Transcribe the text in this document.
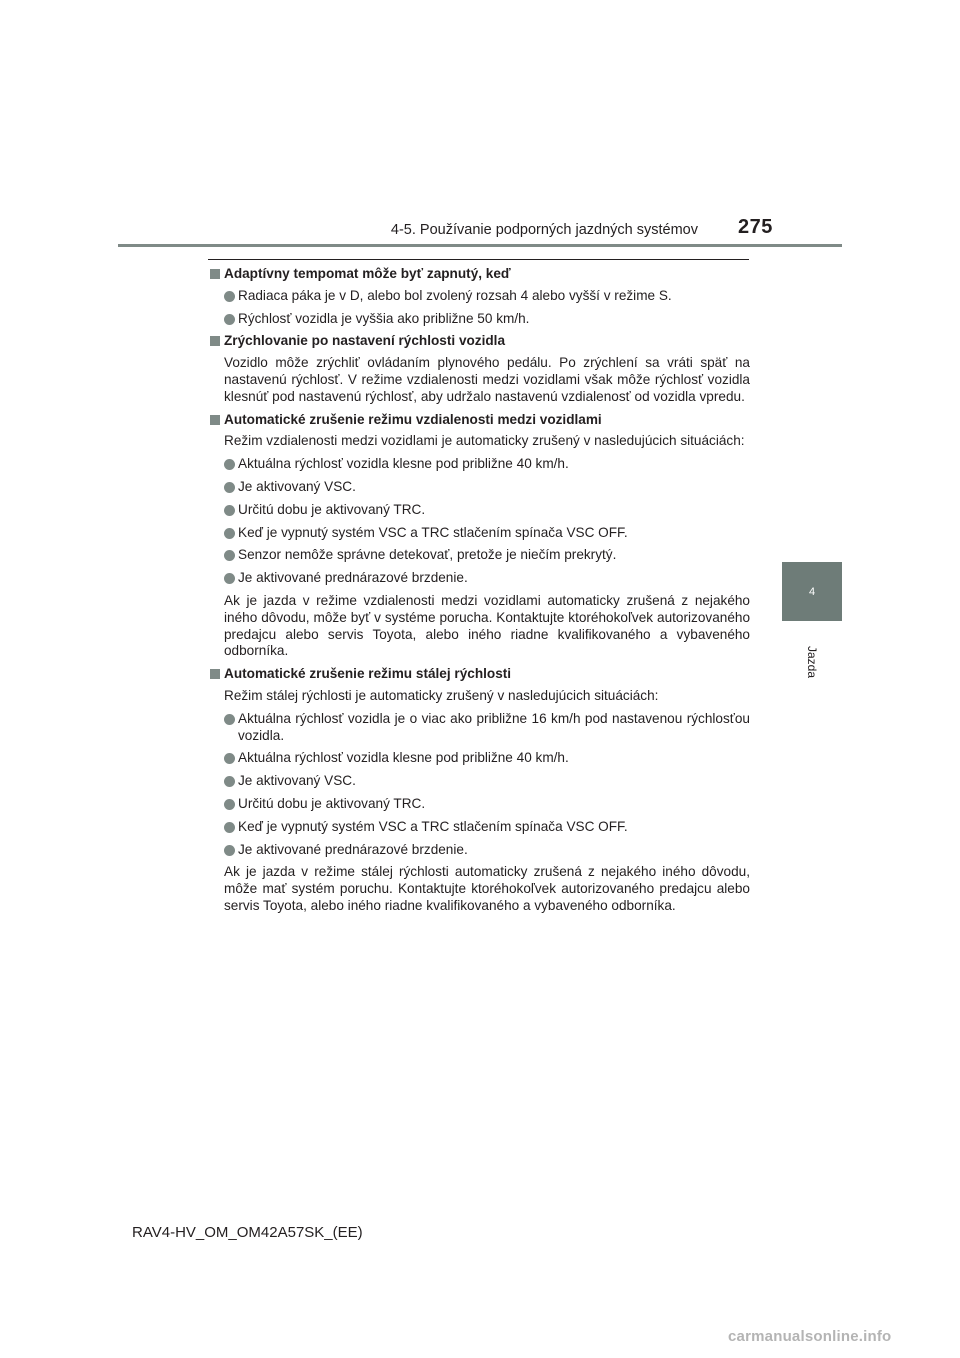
4-5. Používanie podporných jazdných systémov 275
4
Jazda
Adaptívny tempomat môže byť zapnutý, keď
Radiaca páka je v D, alebo bol zvolený rozsah 4 alebo vyšší v režime S.
Rýchlosť vozidla je vyššia ako približne 50 km/h.
Zrýchlovanie po nastavení rýchlosti vozidla
Vozidlo môže zrýchliť ovládaním plynového pedálu. Po zrýchlení sa vráti späť na nastavenú rýchlosť. V režime vzdialenosti medzi vozidlami však môže rýchlosť vozidla klesnúť pod nastavenú rýchlosť, aby udržalo nastavenú vzdialenosť od vozidla vpredu.
Automatické zrušenie režimu vzdialenosti medzi vozidlami
Režim vzdialenosti medzi vozidlami je automaticky zrušený v nasledujúcich situáciách:
Aktuálna rýchlosť vozidla klesne pod približne 40 km/h.
Je aktivovaný VSC.
Určitú dobu je aktivovaný TRC.
Keď je vypnutý systém VSC a TRC stlačením spínača VSC OFF.
Senzor nemôže správne detekovať, pretože je niečím prekrytý.
Je aktivované prednárazové brzdenie.
Ak je jazda v režime vzdialenosti medzi vozidlami automaticky zrušená z nejakého iného dôvodu, môže byť v systéme porucha. Kontaktujte ktoréhokoľvek autorizovaného predajcu alebo servis Toyota, alebo iného riadne kvalifikovaného a vybaveného odborníka.
Automatické zrušenie režimu stálej rýchlosti
Režim stálej rýchlosti je automaticky zrušený v nasledujúcich situáciách:
Aktuálna rýchlosť vozidla je o viac ako približne 16 km/h pod nastavenou rýchlosťou vozidla.
Aktuálna rýchlosť vozidla klesne pod približne 40 km/h.
Je aktivovaný VSC.
Určitú dobu je aktivovaný TRC.
Keď je vypnutý systém VSC a TRC stlačením spínača VSC OFF.
Je aktivované prednárazové brzdenie.
Ak je jazda v režime stálej rýchlosti automaticky zrušená z nejakého iného dôvodu, môže mať systém poruchu. Kontaktujte ktoréhokoľvek autorizovaného predajcu alebo servis Toyota, alebo iného riadne kvalifikovaného a vybaveného odborníka.
RAV4-HV_OM_OM42A57SK_(EE)
carmanualsonline.info
